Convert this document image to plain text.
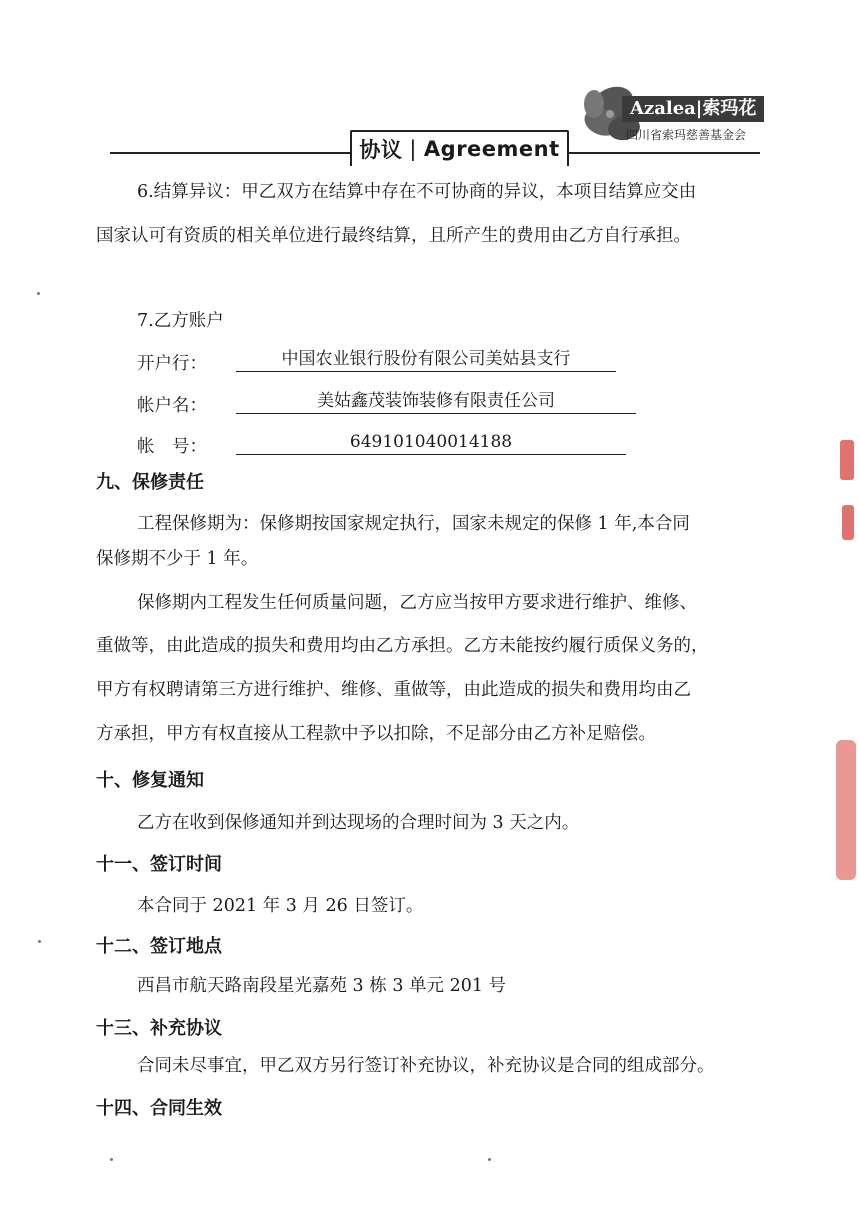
协议 | Agreement
Azalea|索玛花
四川省索玛慈善基金会
6.结算异议：甲乙双方在结算中存在不可协商的异议，本项目结算应交由
国家认可有资质的相关单位进行最终结算，且所产生的费用由乙方自行承担。
7.乙方账户
开户行：	中国农业银行股份有限公司美姑县支行
帐户名：	美姑鑫茂装饰装修有限责任公司
帐　号：	649101040014188
九、保修责任
工程保修期为：保修期按国家规定执行，国家未规定的保修 1 年,本合同
保修期不少于 1 年。
保修期内工程发生任何质量问题，乙方应当按甲方要求进行维护、维修、
重做等，由此造成的损失和费用均由乙方承担。乙方未能按约履行质保义务的，
甲方有权聘请第三方进行维护、维修、重做等，由此造成的损失和费用均由乙
方承担，甲方有权直接从工程款中予以扣除，不足部分由乙方补足赔偿。
十、修复通知
乙方在收到保修通知并到达现场的合理时间为 3 天之内。
十一、签订时间
本合同于 2021 年 3 月 26 日签订。
十二、签订地点
西昌市航天路南段星光嘉苑 3 栋 3 单元 201 号
十三、补充协议
合同未尽事宜，甲乙双方另行签订补充协议，补充协议是合同的组成部分。
十四、合同生效
